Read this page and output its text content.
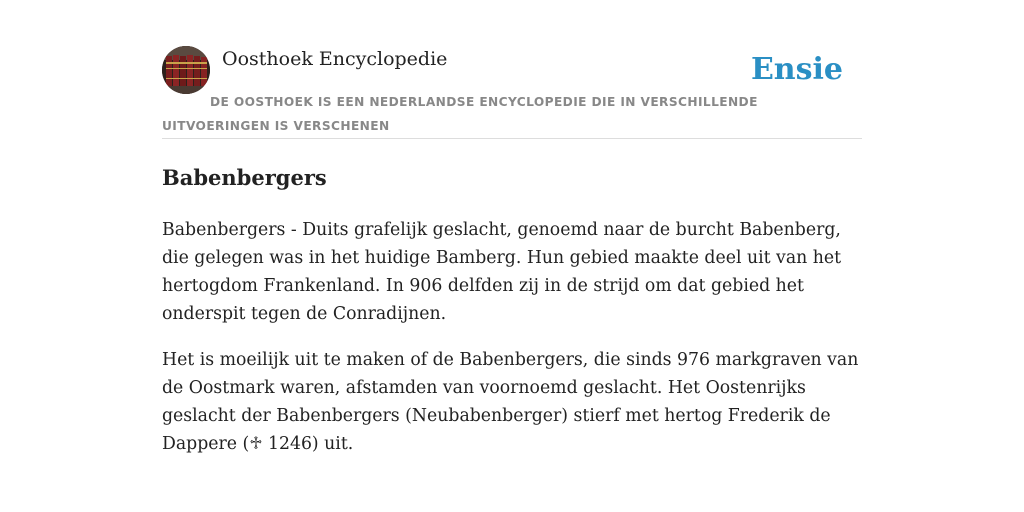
Oosthoek Encyclopedie	Ensie
DE OOSTHOEK IS EEN NEDERLANDSE ENCYCLOPEDIE DIE IN VERSCHILLENDE UITVOERINGEN IS VERSCHENEN
Babenbergers

Babenbergers - Duits grafelijk geslacht, genoemd naar de burcht Babenberg, die gelegen was in het huidige Bamberg. Hun gebied maakte deel uit van het hertogdom Frankenland. In 906 delfden zij in de strijd om dat gebied het onderspit tegen de Conradijnen.

Het is moeilijk uit te maken of de Babenbergers, die sinds 976 markgraven van de Oostmark waren, afstamden van voornoemd geslacht. Het Oostenrijks geslacht der Babenbergers (Neubabenberger) stierf met hertog Frederik de Dappere (♱ 1246) uit.
